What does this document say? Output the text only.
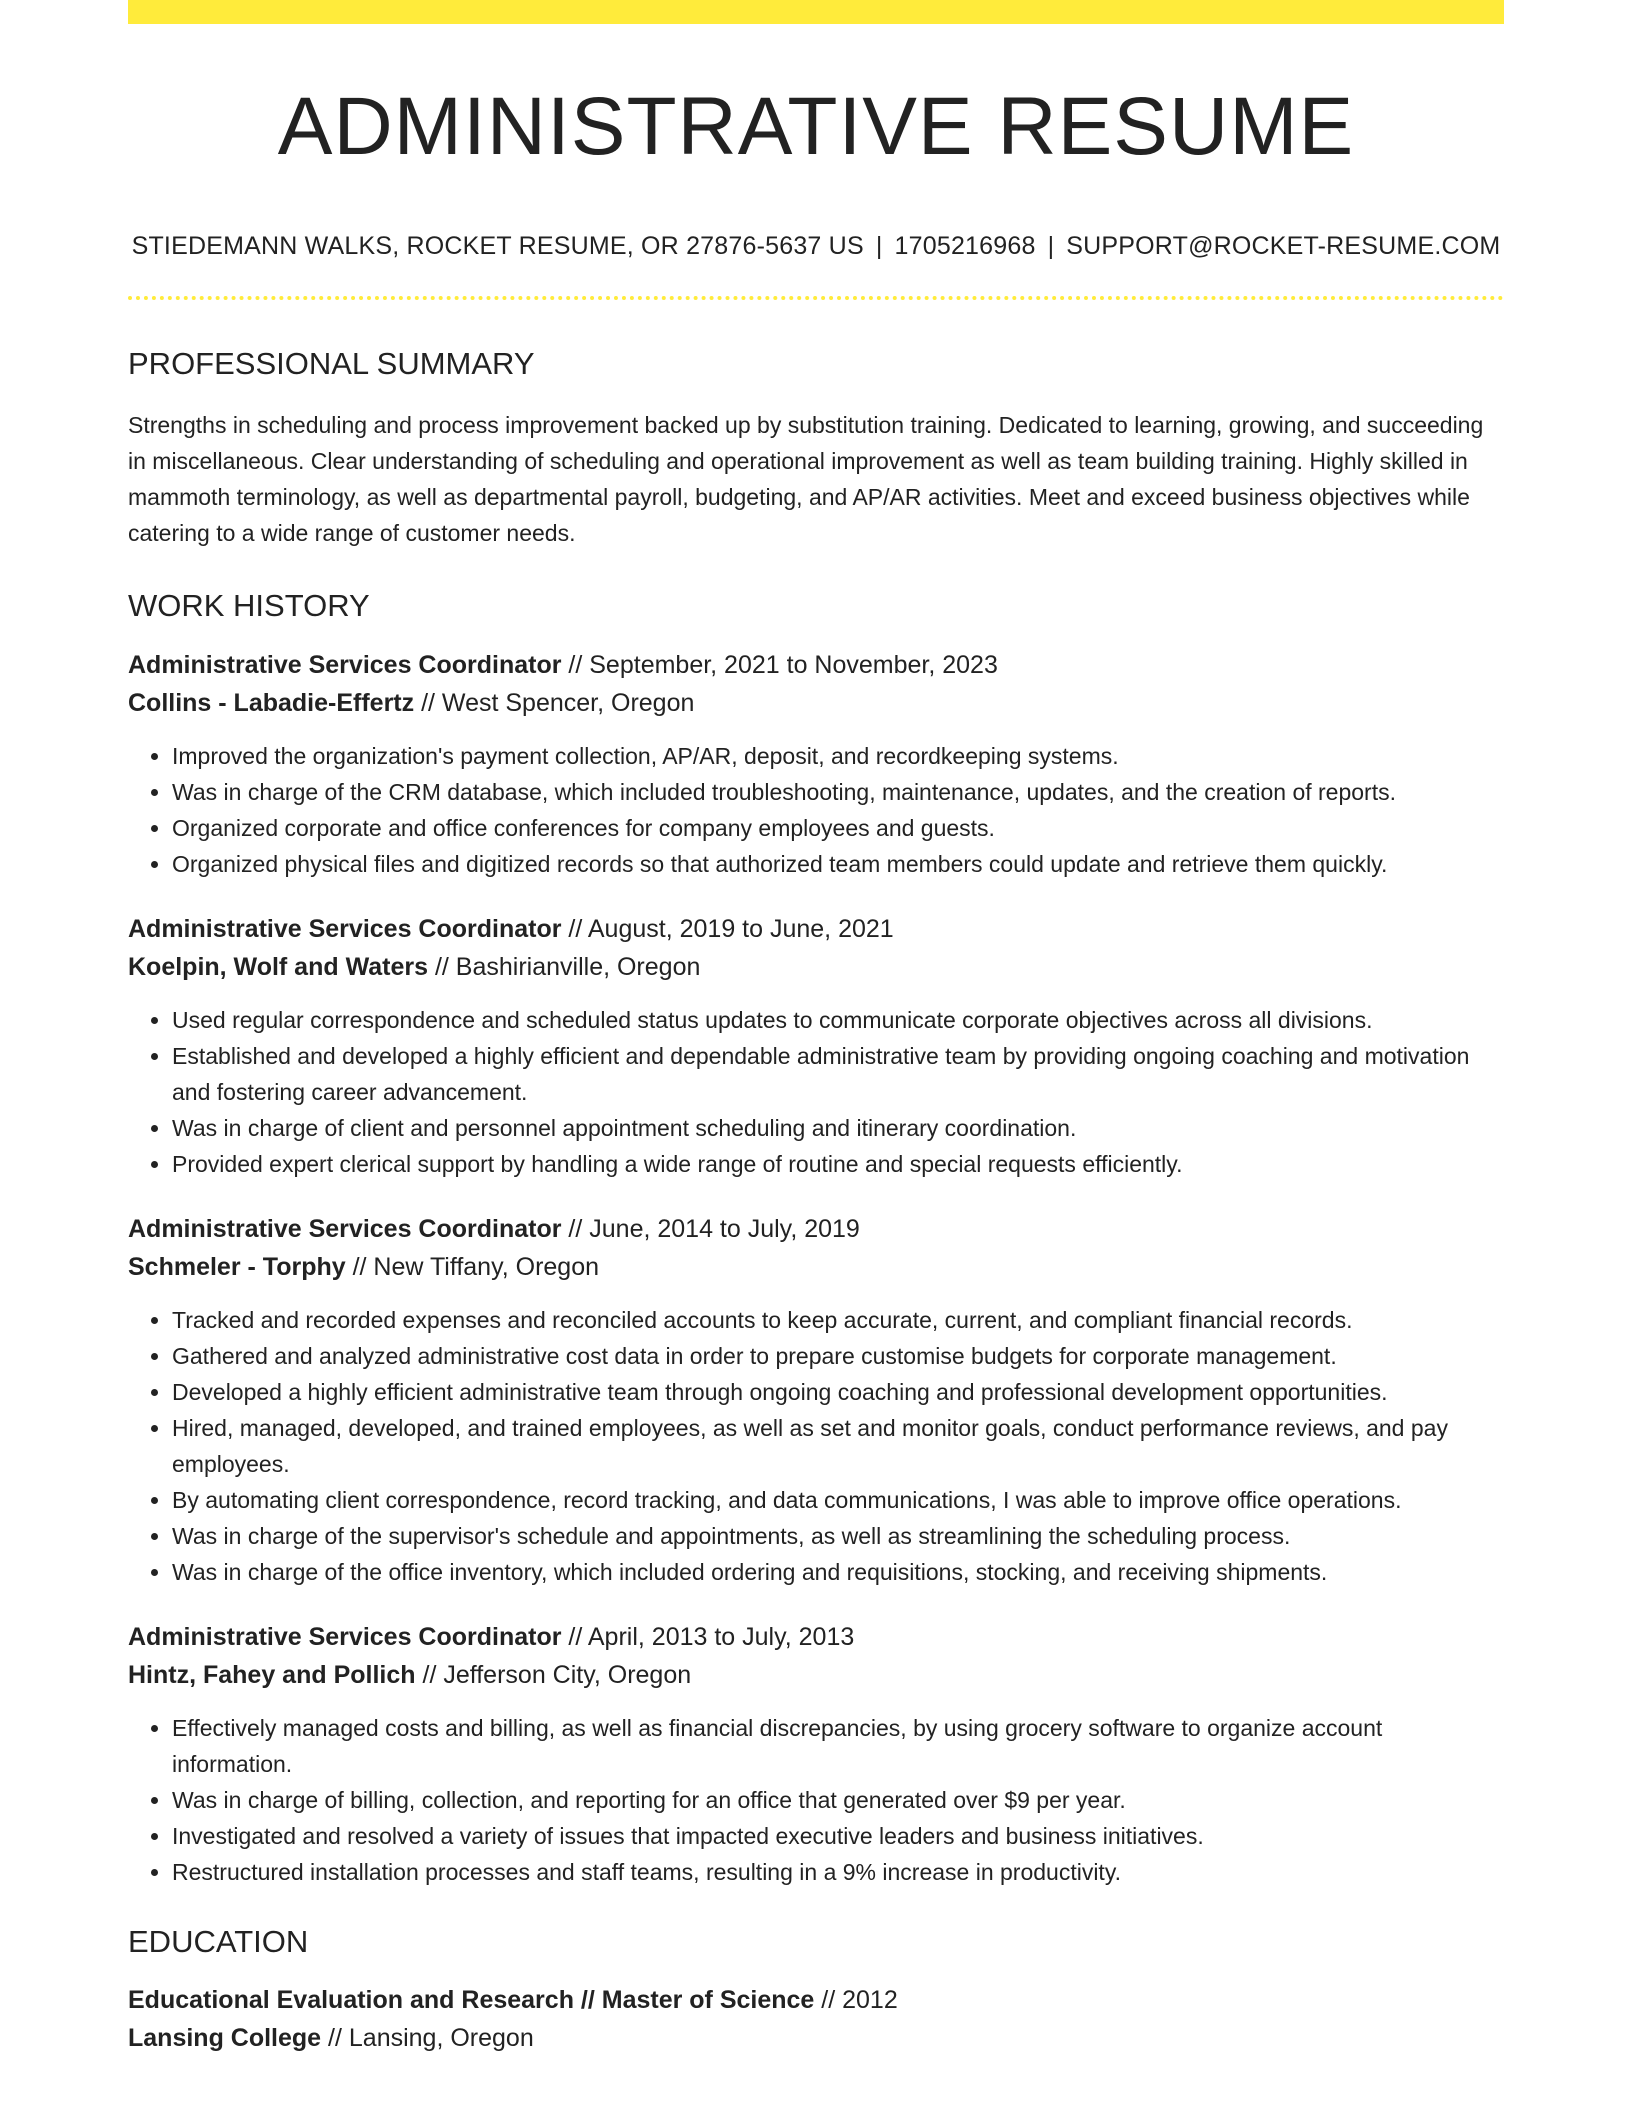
ADMINISTRATIVE RESUME
STIEDEMANN WALKS, ROCKET RESUME, OR 27876-5637 US | 1705216968 | SUPPORT@ROCKET-RESUME.COM
PROFESSIONAL SUMMARY
Strengths in scheduling and process improvement backed up by substitution training. Dedicated to learning, growing, and succeeding in miscellaneous. Clear understanding of scheduling and operational improvement as well as team building training. Highly skilled in mammoth terminology, as well as departmental payroll, budgeting, and AP/AR activities. Meet and exceed business objectives while catering to a wide range of customer needs.
WORK HISTORY
Administrative Services Coordinator // September, 2021 to November, 2023
Collins - Labadie-Effertz // West Spencer, Oregon
• Improved the organization's payment collection, AP/AR, deposit, and recordkeeping systems.
• Was in charge of the CRM database, which included troubleshooting, maintenance, updates, and the creation of reports.
• Organized corporate and office conferences for company employees and guests.
• Organized physical files and digitized records so that authorized team members could update and retrieve them quickly.
Administrative Services Coordinator // August, 2019 to June, 2021
Koelpin, Wolf and Waters // Bashirianville, Oregon
• Used regular correspondence and scheduled status updates to communicate corporate objectives across all divisions.
• Established and developed a highly efficient and dependable administrative team by providing ongoing coaching and motivation and fostering career advancement.
• Was in charge of client and personnel appointment scheduling and itinerary coordination.
• Provided expert clerical support by handling a wide range of routine and special requests efficiently.
Administrative Services Coordinator // June, 2014 to July, 2019
Schmeler - Torphy // New Tiffany, Oregon
• Tracked and recorded expenses and reconciled accounts to keep accurate, current, and compliant financial records.
• Gathered and analyzed administrative cost data in order to prepare customise budgets for corporate management.
• Developed a highly efficient administrative team through ongoing coaching and professional development opportunities.
• Hired, managed, developed, and trained employees, as well as set and monitor goals, conduct performance reviews, and pay employees.
• By automating client correspondence, record tracking, and data communications, I was able to improve office operations.
• Was in charge of the supervisor's schedule and appointments, as well as streamlining the scheduling process.
• Was in charge of the office inventory, which included ordering and requisitions, stocking, and receiving shipments.
Administrative Services Coordinator // April, 2013 to July, 2013
Hintz, Fahey and Pollich // Jefferson City, Oregon
• Effectively managed costs and billing, as well as financial discrepancies, by using grocery software to organize account information.
• Was in charge of billing, collection, and reporting for an office that generated over $9 per year.
• Investigated and resolved a variety of issues that impacted executive leaders and business initiatives.
• Restructured installation processes and staff teams, resulting in a 9% increase in productivity.
EDUCATION
Educational Evaluation and Research // Master of Science // 2012
Lansing College // Lansing, Oregon
